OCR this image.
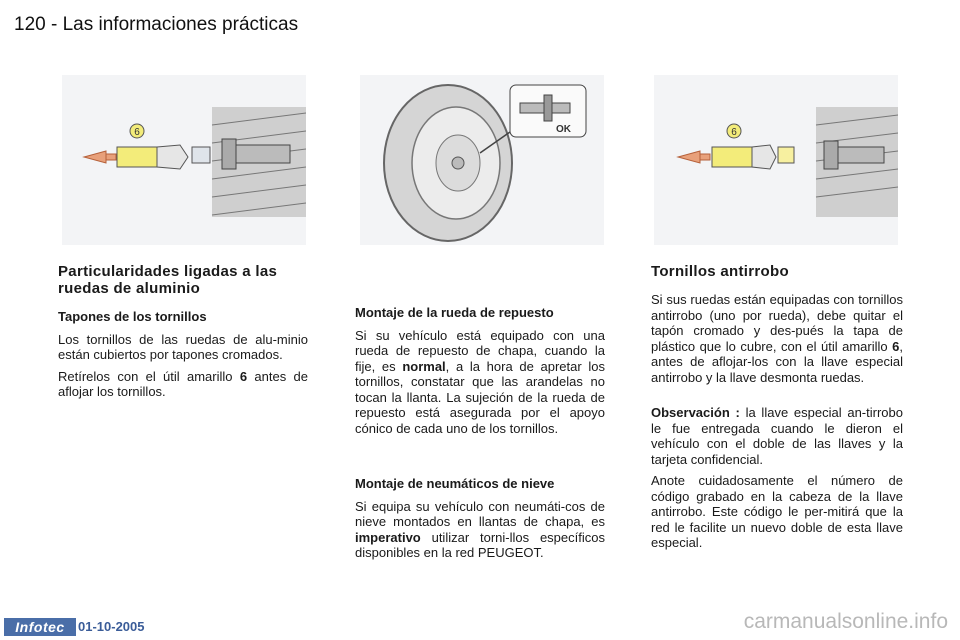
120 - Las informaciones prácticas
6	OK	6
Particularidades ligadas a las ruedas de aluminio
Tapones de los tornillos

Los tornillos de las ruedas de alu-minio están cubiertos por tapones cromados.

Retírelos con el útil amarillo 6 antes de aflojar los tornillos.

Montaje de la rueda de repuesto

Si su vehículo está equipado con una rueda de repuesto de chapa, cuando la fije, es normal, a la hora de apretar los tornillos, constatar que las arandelas no tocan la llanta. La sujeción de la rueda de repuesto está asegurada por el apoyo cónico de cada uno de los tornillos.

Montaje de neumáticos de nieve

Si equipa su vehículo con neumáti-cos de nieve montados en llantas de chapa, es imperativo utilizar torni-llos específicos disponibles en la red PEUGEOT.

Tornillos antirrobo

Si sus ruedas están equipadas con tornillos antirrobo (uno por rueda), debe quitar el tapón cromado y des-pués la tapa de plástico que lo cubre, con el útil amarillo 6, antes de aflojar-los con la llave especial antirrobo y la llave desmonta ruedas.

Observación : la llave especial an-tirrobo le fue entregada cuando le dieron el vehículo con el doble de las llaves y la tarjeta confidencial.

Anote cuidadosamente el número de código grabado en la cabeza de la llave antirrobo. Este código le per-mitirá que la red le facilite un nuevo doble de esta llave especial.

Infotec	01-10-2005	carmanualsonline.info
